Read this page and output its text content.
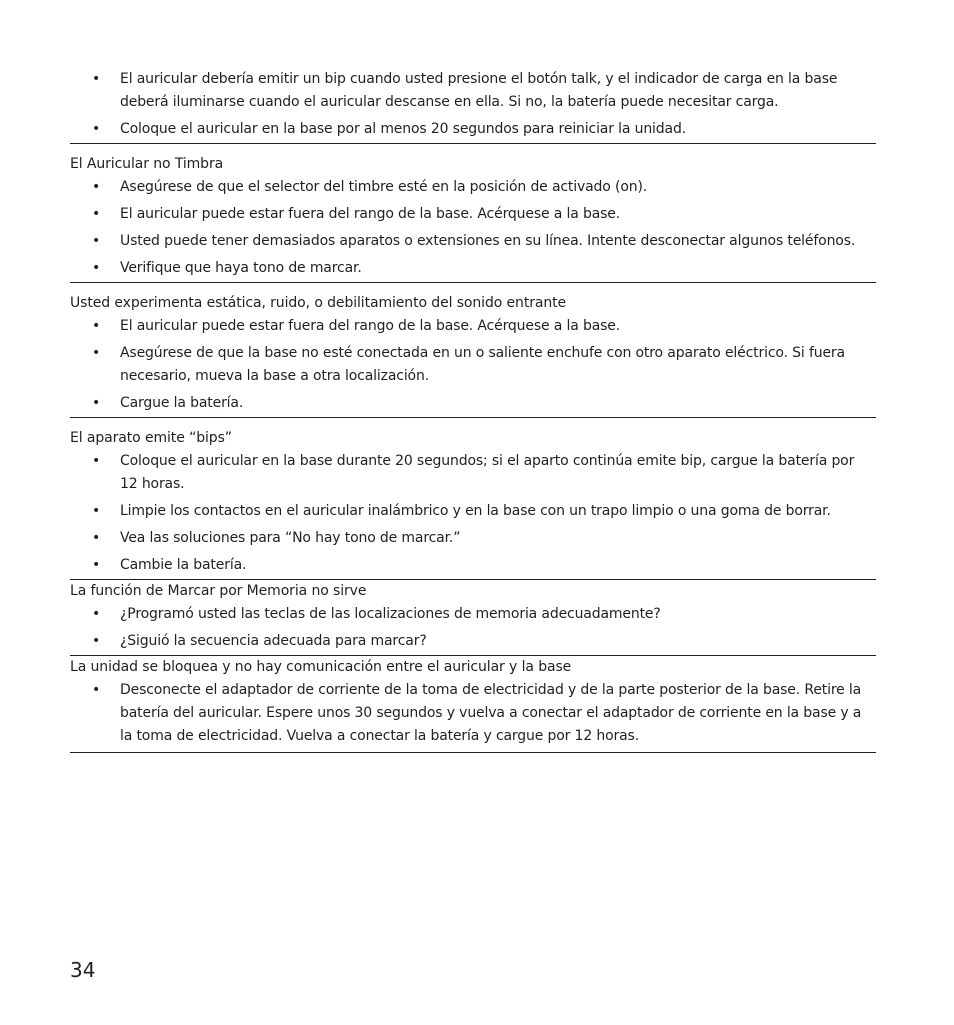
• El auricular debería emitir un bip cuando usted presione el botón talk, y el indicador de carga en la base deberá iluminarse cuando el auricular descanse en ella. Si no, la batería puede necesitar carga.
• Coloque el auricular en la base por al menos 20 segundos para reiniciar la unidad.

El Auricular no Timbra

• Asegúrese de que el selector del timbre esté en la posición de activado (on).
• El auricular puede estar fuera del rango de la base. Acérquese a la base.
• Usted puede tener demasiados aparatos o extensiones en su línea. Intente desconectar algunos teléfonos.
• Verifique que haya tono de marcar.

Usted experimenta estática, ruido, o debilitamiento del sonido entrante

• El auricular puede estar fuera del rango de la base. Acérquese a la base.
• Asegúrese de que la base no esté conectada en un o saliente enchufe con otro aparato eléctrico. Si fuera necesario, mueva la base a otra localización.
• Cargue la batería.

El aparato emite “bips”

• Coloque el auricular en la base durante 20 segundos; si el aparto continúa emite bip, cargue la batería por 12 horas.
• Limpie los contactos en el auricular inalámbrico y en la base con un trapo limpio o una goma de borrar.
• Vea las soluciones para “No hay tono de marcar.”
• Cambie la batería.

La función de Marcar por Memoria no sirve

• ¿Programó usted las teclas de las localizaciones de memoria adecuadamente?
• ¿Siguió la secuencia adecuada para marcar?

La unidad se bloquea y no hay comunicación entre el auricular y la base

• Desconecte el adaptador de corriente de la toma de electricidad y de la parte posterior de la base. Retire la batería del auricular. Espere unos 30 segundos y vuelva a conectar el adaptador de corriente en la base y a la toma de electricidad. Vuelva a conectar la batería y cargue por 12 horas.
34
